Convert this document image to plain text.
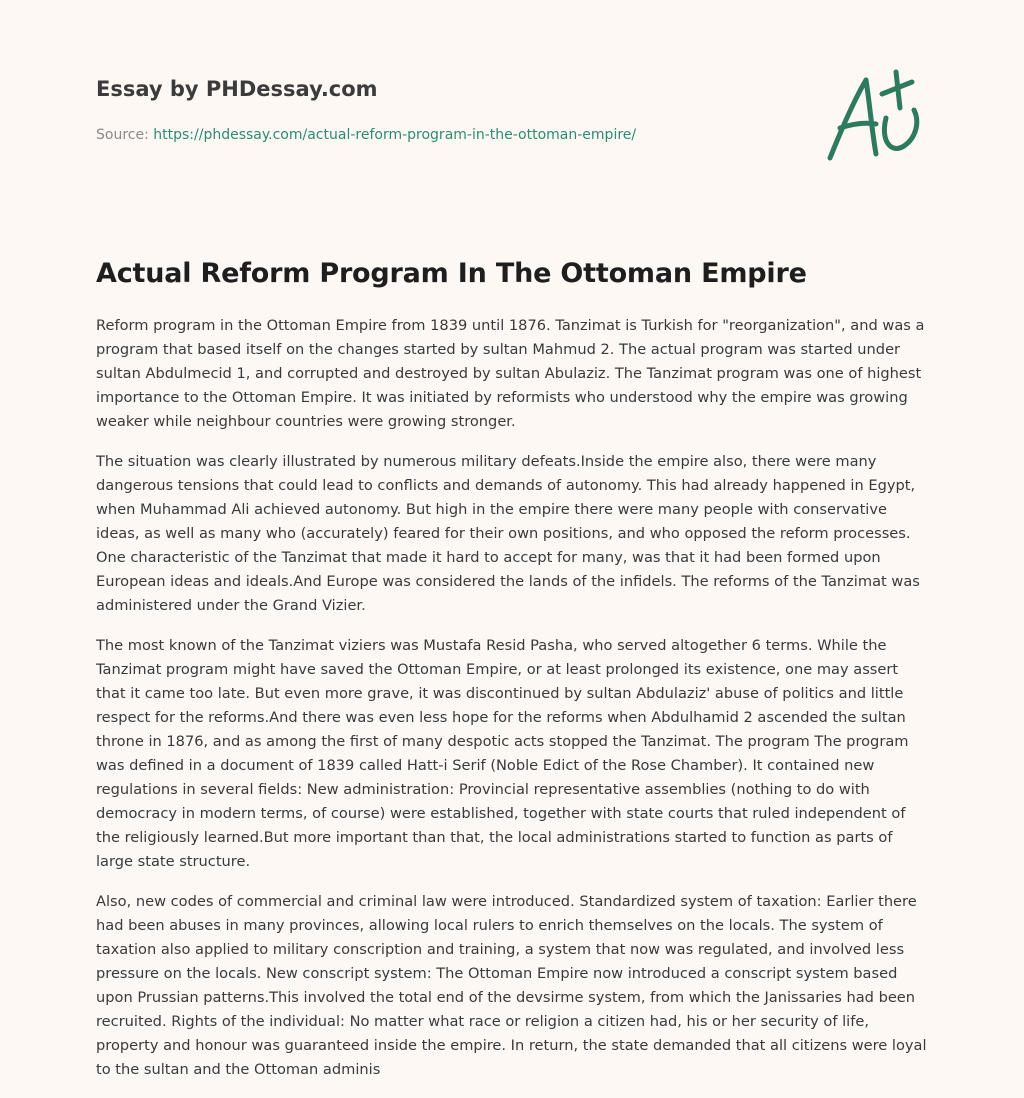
Essay by PHDessay.com
Source: https://phdessay.com/actual-reform-program-in-the-ottoman-empire/
Actual Reform Program In The Ottoman Empire

Reform program in the Ottoman Empire from 1839 until 1876. Tanzimat is Turkish for "reorganization", and was a program that based itself on the changes started by sultan Mahmud 2. The actual program was started under sultan Abdulmecid 1, and corrupted and destroyed by sultan Abulaziz. The Tanzimat program was one of highest importance to the Ottoman Empire. It was initiated by reformists who understood why the empire was growing weaker while neighbour countries were growing stronger.

The situation was clearly illustrated by numerous military defeats.Inside the empire also, there were many dangerous tensions that could lead to conflicts and demands of autonomy. This had already happened in Egypt, when Muhammad Ali achieved autonomy. But high in the empire there were many people with conservative ideas, as well as many who (accurately) feared for their own positions, and who opposed the reform processes. One characteristic of the Tanzimat that made it hard to accept for many, was that it had been formed upon European ideas and ideals.And Europe was considered the lands of the infidels. The reforms of the Tanzimat was administered under the Grand Vizier.

The most known of the Tanzimat viziers was Mustafa Resid Pasha, who served altogether 6 terms. While the Tanzimat program might have saved the Ottoman Empire, or at least prolonged its existence, one may assert that it came too late. But even more grave, it was discontinued by sultan Abdulaziz' abuse of politics and little respect for the reforms.And there was even less hope for the reforms when Abdulhamid 2 ascended the sultan throne in 1876, and as among the first of many despotic acts stopped the Tanzimat. The program The program was defined in a document of 1839 called Hatt-i Serif (Noble Edict of the Rose Chamber). It contained new regulations in several fields: New administration: Provincial representative assemblies (nothing to do with democracy in modern terms, of course) were established, together with state courts that ruled independent of the religiously learned.But more important than that, the local administrations started to function as parts of large state structure.

Also, new codes of commercial and criminal law were introduced. Standardized system of taxation: Earlier there had been abuses in many provinces, allowing local rulers to enrich themselves on the locals. The system of taxation also applied to military conscription and training, a system that now was regulated, and involved less pressure on the locals. New conscript system: The Ottoman Empire now introduced a conscript system based upon Prussian patterns.This involved the total end of the devsirme system, from which the Janissaries had been recruited. Rights of the individual: No matter what race or religion a citizen had, his or her security of life, property and honour was guaranteed inside the empire. In return, the state demanded that all citizens were loyal to the sultan and the Ottoman adminis
